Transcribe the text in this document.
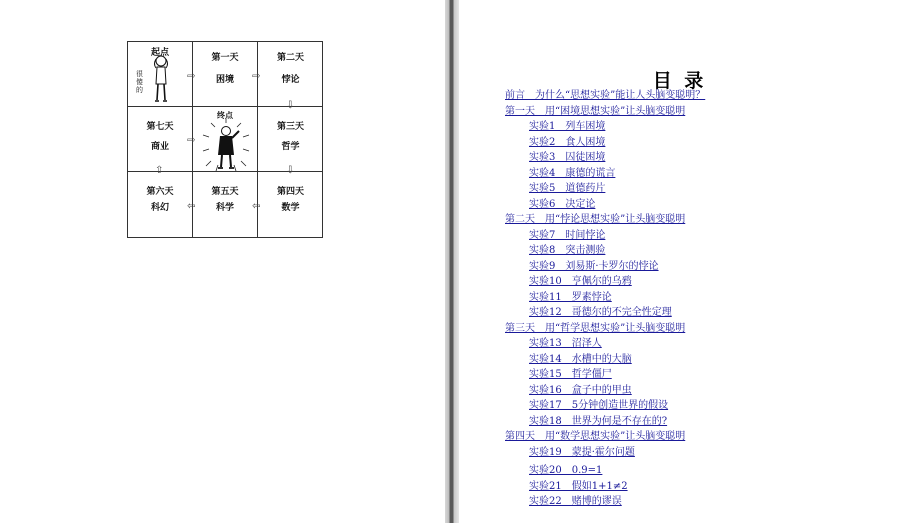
起点
很傻的
第一天
困境
第二天
悖论
第七天
商业
终点
第三天
哲学
第六天
科幻
第五天
科学
第四天
数学
⇨	⇨
⇩
⇩
⇦
⇦
⇧
⇨
目 录
前言　为什么“思想实验”能让人头脑变聪明？
第一天　用“困境思想实验”让头脑变聪明
实验1　列车困境
实验2　食人困境
实验3　囚徒困境
实验4　康德的谎言
实验5　道德药片
实验6　决定论
第二天　用“悖论思想实验”让头脑变聪明
实验7　时间悖论
实验8　突击测验
实验9　刘易斯·卡罗尔的悖论
实验10　亨佩尔的乌鸦
实验11　罗素悖论
实验12　哥德尔的不完全性定理
第三天　用“哲学思想实验”让头脑变聪明
实验13　沼泽人
实验14　水槽中的大脑
实验15　哲学僵尸
实验16　盒子中的甲虫
实验17　5分钟创造世界的假设
实验18　世界为何是不存在的?
第四天　用“数学思想实验”让头脑变聪明
实验19　蒙提·霍尔问题
实验20　0.9=1
实验21　假如1+1≠2
实验22　赌博的谬误
